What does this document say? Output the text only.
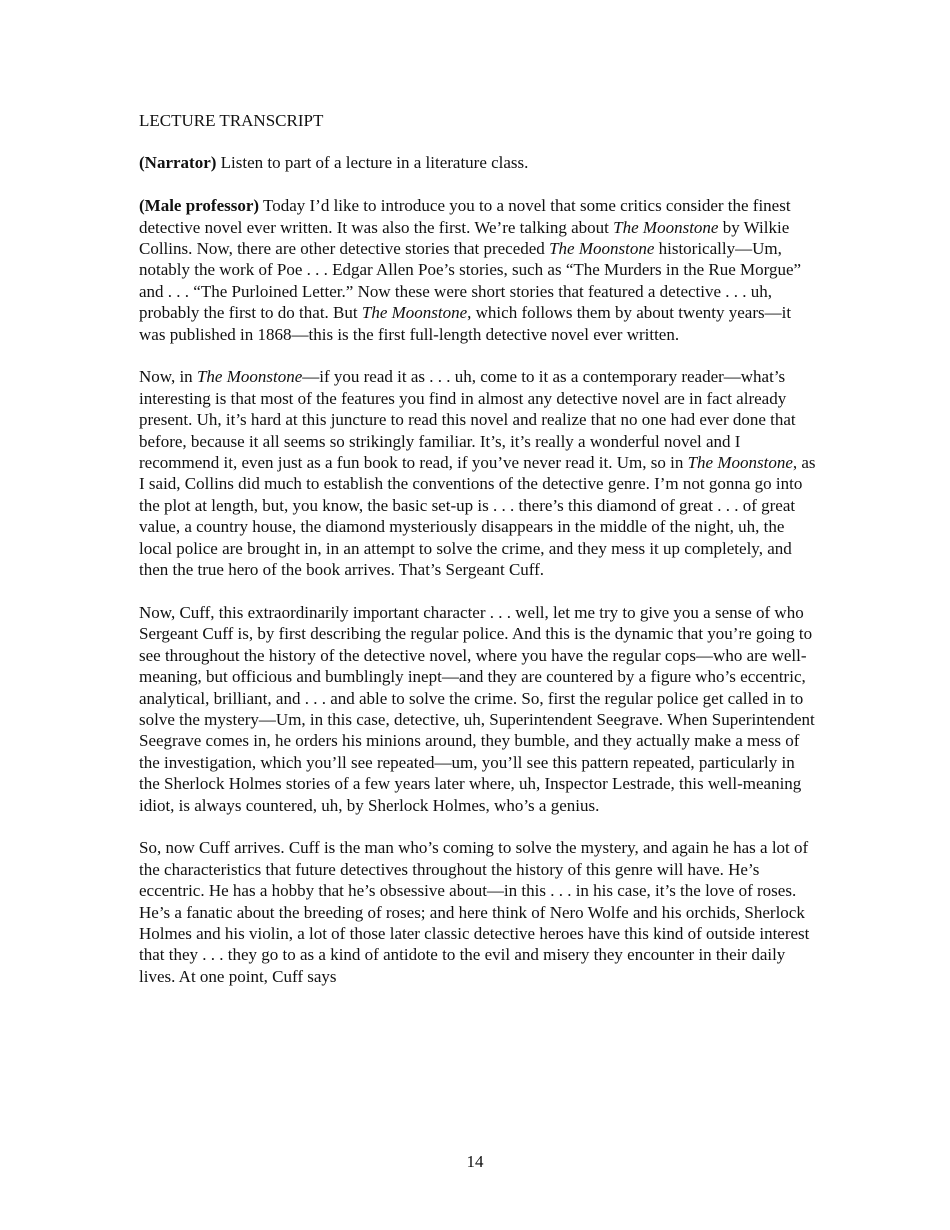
LECTURE TRANSCRIPT

(Narrator) Listen to part of a lecture in a literature class.

(Male professor) Today I’d like to introduce you to a novel that some critics consider the finest detective novel ever written. It was also the first. We’re talking about The Moonstone by Wilkie Collins. Now, there are other detective stories that preceded The Moonstone historically—Um, notably the work of Poe . . . Edgar Allen Poe’s stories, such as “The Murders in the Rue Morgue” and . . . “The Purloined Letter.” Now these were short stories that featured a detective . . . uh, probably the first to do that. But The Moonstone, which follows them by about twenty years—it was published in 1868—this is the first full-length detective novel ever written.

Now, in The Moonstone—if you read it as . . . uh, come to it as a contemporary reader—what’s interesting is that most of the features you find in almost any detective novel are in fact already present. Uh, it’s hard at this juncture to read this novel and realize that no one had ever done that before, because it all seems so strikingly familiar. It’s, it’s really a wonderful novel and I recommend it, even just as a fun book to read, if you’ve never read it. Um, so in The Moonstone, as I said, Collins did much to establish the conventions of the detective genre. I’m not gonna go into the plot at length, but, you know, the basic set-up is . . . there’s this diamond of great . . . of great value, a country house, the diamond mysteriously disappears in the middle of the night, uh, the local police are brought in, in an attempt to solve the crime, and they mess it up completely, and then the true hero of the book arrives. That’s Sergeant Cuff.

Now, Cuff, this extraordinarily important character . . . well, let me try to give you a sense of who Sergeant Cuff is, by first describing the regular police. And this is the dynamic that you’re going to see throughout the history of the detective novel, where you have the regular cops—who are well-meaning, but officious and bumblingly inept—and they are countered by a figure who’s eccentric, analytical, brilliant, and . . . and able to solve the crime. So, first the regular police get called in to solve the mystery—Um, in this case, detective, uh, Superintendent Seegrave. When Superintendent Seegrave comes in, he orders his minions around, they bumble, and they actually make a mess of the investigation, which you’ll see repeated—um, you’ll see this pattern repeated, particularly in the Sherlock Holmes stories of a few years later where, uh, Inspector Lestrade, this well-meaning idiot, is always countered, uh, by Sherlock Holmes, who’s a genius.

So, now Cuff arrives. Cuff is the man who’s coming to solve the mystery, and again he has a lot of the characteristics that future detectives throughout the history of this genre will have. He’s eccentric. He has a hobby that he’s obsessive about—in this . . . in his case, it’s the love of roses. He’s a fanatic about the breeding of roses; and here think of Nero Wolfe and his orchids, Sherlock Holmes and his violin, a lot of those later classic detective heroes have this kind of outside interest that they . . . they go to as a kind of antidote to the evil and misery they encounter in their daily lives. At one point, Cuff says

14
